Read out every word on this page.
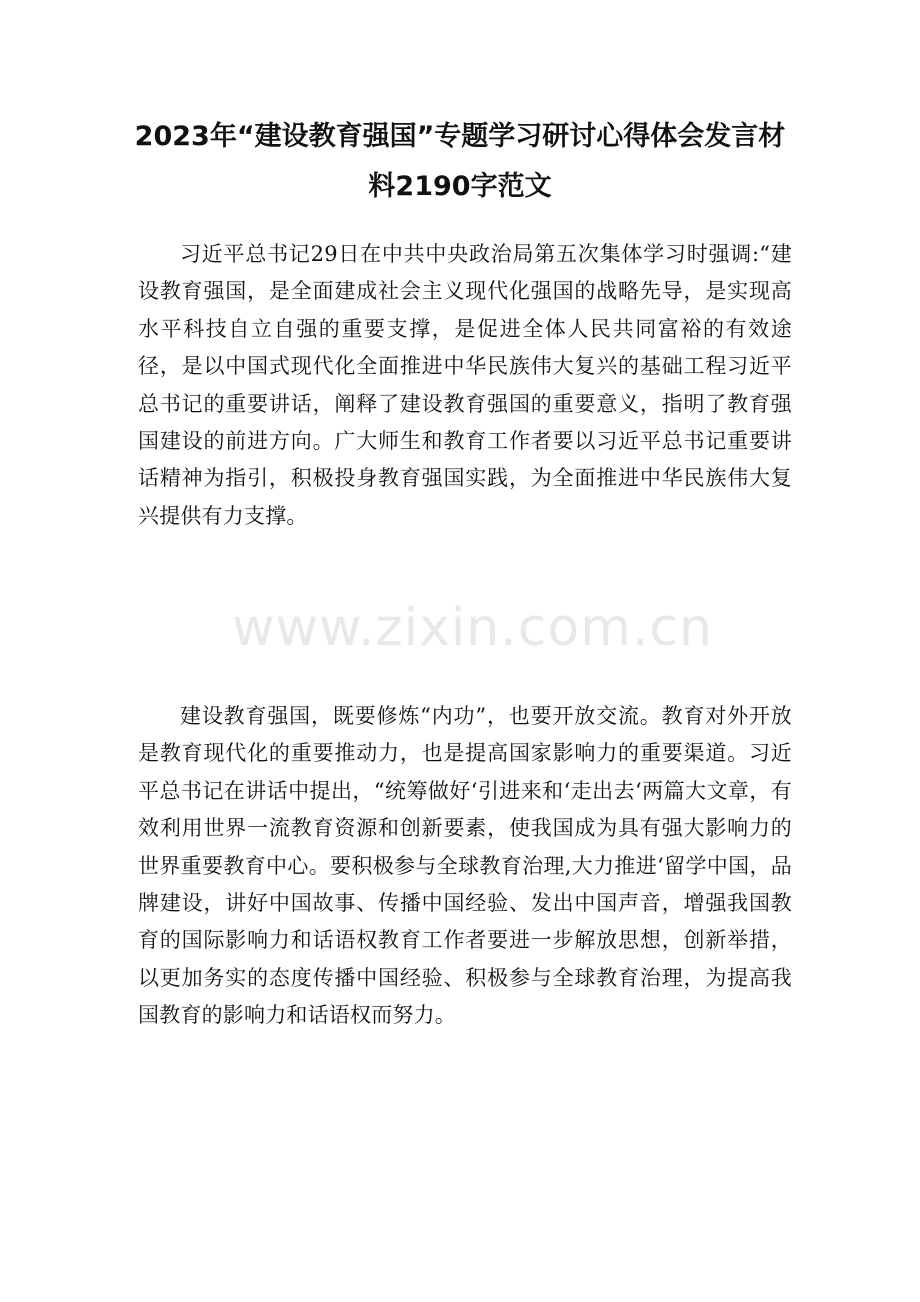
2023年“建设教育强国”专题学习研讨心得体会发言材料2190字范文

习近平总书记29日在中共中央政治局第五次集体学习时强调:“建设教育强国，是全面建成社会主义现代化强国的战略先导，是实现高水平科技自立自强的重要支撑，是促进全体人民共同富裕的有效途径，是以中国式现代化全面推进中华民族伟大复兴的基础工程习近平总书记的重要讲话，阐释了建设教育强国的重要意义，指明了教育强国建设的前进方向。广大师生和教育工作者要以习近平总书记重要讲话精神为指引，积极投身教育强国实践，为全面推进中华民族伟大复兴提供有力支撑。

www.zixin.com.cn

建设教育强国，既要修炼“内功”，也要开放交流。教育对外开放是教育现代化的重要推动力，也是提高国家影响力的重要渠道。习近平总书记在讲话中提出，“统筹做好‘引进来和‘走出去‘两篇大文章，有效利用世界一流教育资源和创新要素，使我国成为具有强大影响力的世界重要教育中心。要积极参与全球教育治理,大力推进‘留学中国，品牌建设，讲好中国故事、传播中国经验、发出中国声音，增强我国教育的国际影响力和话语权教育工作者要进一步解放思想，创新举措，以更加务实的态度传播中国经验、积极参与全球教育治理，为提高我国教育的影响力和话语权而努力。
